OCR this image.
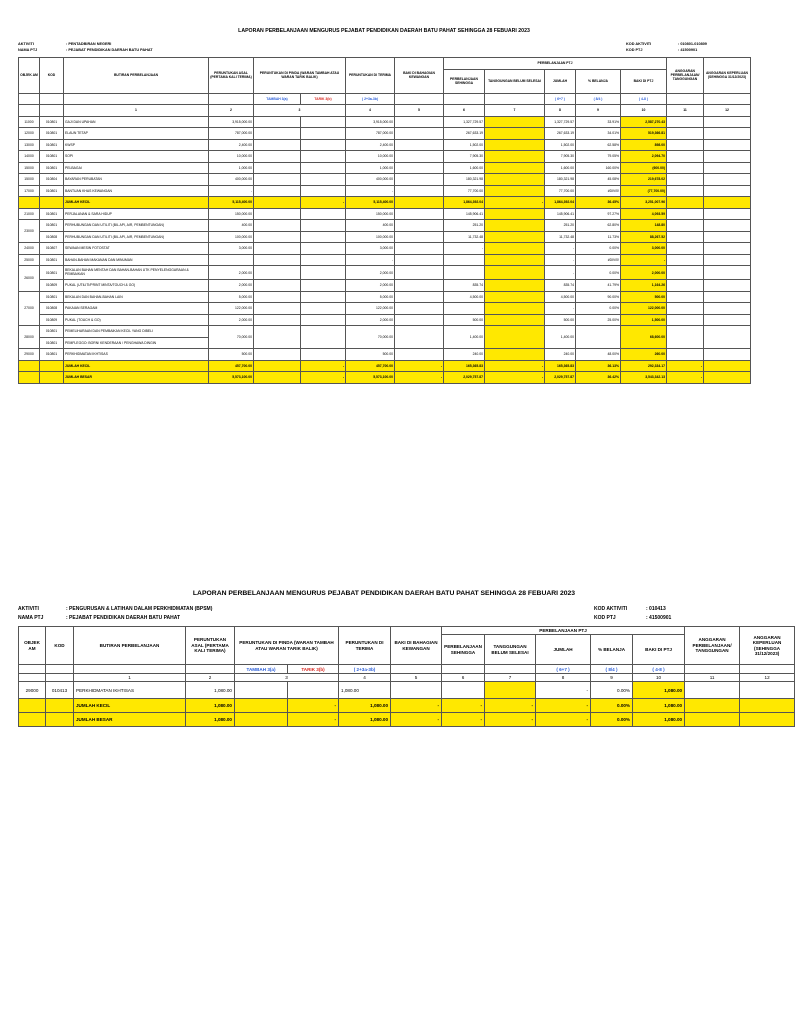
LAPORAN PERBELANJAAN MENGURUS PEJABAT PENDIDIKAN DAERAH BATU PAHAT SEHINGGA 28 FEBUARI 2023
AKTIVITI	: PENTADBIRAN NEGERI	KOD AKTIVITI	: 010801-010809
NAMA PTJ	: PEJABAT PENDIDIKAN DAERAH BATU PAHAT	KOD PTJ	: 41500901
OBJEK AM	KOD	BUTIRAN PERBELANJAAN	PERUNTUKAN ASAL (PERTAMA KALI TERIMA)	PERUNTUKAN DI PINDA (WARAN TAMBAH ATAU WARAN TARIK BALIK)		PERUNTUKAN DI TERIMA	BAKI DI BAHAGIAN KEWANGAN	PERBELANJAAN PTJ					ANGGARAN PERBELANJAAN/ TANGGUNGAN	ANGGARAN KEPERLUAN (SEHINGGA 31/12/2023)
								PERBELANJAAN SEHINGGA	TANGGUNGAN BELUM SELESAI	JUMLAH	% BELANJA	BAKI DI PTJ		
				TAMBAH 3(a)	TARIK 3(b)	( 2+3a-3b)				( 6+7 )	( 8/4 )	( 4-8 )		
		1	2	3		4	5	6	7	8	9	10	11	12
11000	010801	GAJI DAN UPAHAN	3,915,000.00			3,915,000.00		1,327,729.57		1,327,729.57	33.91%	2,587,270.43		
12000	010801	ELAUN TETAP	787,000.00			787,000.00		267,633.19		267,633.19	34.01%	519,366.81		
13000	010801	KWSP	2,400.00			2,400.00		1,502.00		1,502.00	62.58%	898.00		
14000	010801	SOPI	10,000.00			10,000.00		7,905.30		7,905.30	79.05%	2,094.70		
15000	010801	PELBAGAI	1,000.00			1,000.00		1,600.00		1,600.00	160.00%	(600.00)		
15000	010804	BAYARAN PERUBATAN	400,000.00			400,000.00		180,321.98		180,321.98	45.08%	219,678.02		
17000	010801	BANTUAN KHAS KEWANGAN	-			-		77,700.00		77,700.00	#DIV/0!	(77,700.00)		
		JUMLAH KECIL	5,115,400.00		-	5,115,400.00		1,864,392.04	-	1,864,392.04	36.45%	3,251,007.96		
21000	010801	PERJALANAN & SARA HIDUP	150,000.00			150,000.00		145,906.41		145,906.41	97.27%	4,093.59		
23000	010801	PERHUBUNGAN DAN UTILITI (BIL API, AIR, PEMBENTUNGAN)	400.00			400.00		251.20		251.20	62.80%	148.80		
	010808	PERHUBUNGAN DAN UTILITI (BIL API, AIR, PEMBENTUNGAN)	100,000.00			100,000.00		11,732.48		11,732.48	11.73%	88,267.52		
24000	010807	SEWAAN MESIN FOTOSTAT	3,000.00			3,000.00		-		-	0.00%	3,000.00		
25000	010801	BAHAN-BAHAN MAKANAN DAN MINUMAN				-				-	#DIV/0!	-		
26000	010801	BEKALAN BAHAN MENTAH DAN BAHAN-BAHAN UTK PENYELENGGARAAN & PEMBAIKAN	2,000.00			2,000.00				-	0.00%	2,000.00		
	010809	PUKAL (UTILITI/PRINT MINTA/TOUCH & GO)	2,000.00			2,000.00		835.74		835.74	41.79%	1,164.26		
27000	010801	BEKALAN DAN BAHAN-BAHAN LAIN	5,000.00			5,000.00		4,500.00		4,500.00	90.00%	500.00		
	010808	PAKAIAN SERAGAM	122,000.00			122,000.00				-	0.00%	122,000.00		
	010809	PUKAL (TOUCH & GO)	2,000.00			2,000.00		500.00		500.00	25.00%	1,500.00		
28000	010801	PEMELIHARAAN DAN PEMBAIKAN KECIL YANG DIBELI	70,000.00			70,000.00		1,400.00		1,400.00		68,600.00		
	010801	PEMFLEGGO: BORN/ KENDERAAN / PENGHAWA DINGIN												
29000	010801	PERKHIDMATAN IKHTISAS	500.00			500.00		240.00		240.00	48.00%	260.00		
		JUMLAH KECIL	457,700.00		-	457,700.00	-	165,365.83	-	165,365.83	36.13%	292,334.17	-	
		JUMLAH BESAR	5,573,100.00		-	5,573,100.00	-	2,029,757.87	-	2,029,757.87	36.42%	3,543,342.13	-	
LAPORAN PERBELANJAAN MENGURUS PEJABAT PENDIDIKAN DAERAH BATU PAHAT SEHINGGA 28 FEBUARI 2023
AKTIVITI	: PENGURUSAN & LATIHAN DALAM PERKHIDMATAN (BPSM)	KOD AKTIVITI	: 010413
NAMA PTJ	: PEJABAT PENDIDIKAN DAERAH BATU PAHAT	KOD PTJ	: 41500901
OBJEK AM	KOD	BUTIRAN PERBELANJAAN	PERUNTUKAN ASAL (PERTAMA KALI TERIMA)	PERUNTUKAN DI PINDA (WARAN TAMBAH ATAU WARAN TARIK BALIK)		PERUNTUKAN DI TERIMA	BAKI DI BAHAGIAN KEWANGAN	PERBELANJAAN PTJ					ANGGARAN PERBELANJAAN/ TANGGUNGAN	ANGGARAN KEPERLUAN (SEHINGGA 31/12/2023)
								PERBELANJAAN SEHINGGA	TANGGUNGAN BELUM SELESAI	JUMLAH	% BELANJA	BAKI DI PTJ		
				TAMBAH 3(a)	TARIK 3(b)	( 2+3a-3b)				( 6+7 )	( 8/4 )	( 4-8 )		
		1	2	3		4	5	6	7	8	9	10	11	12
29000	010413	PERKHIDMATAN IKHTISAS	1,080.00			1,080.00				-	0.00%	1,080.00		
		JUMLAH KECIL	1,080.00		-	1,080.00	-	-	-	-	0.00%	1,080.00		
		JUMLAH BESAR	1,080.00		-	1,080.00	-	-	-	-	0.00%	1,080.00		
